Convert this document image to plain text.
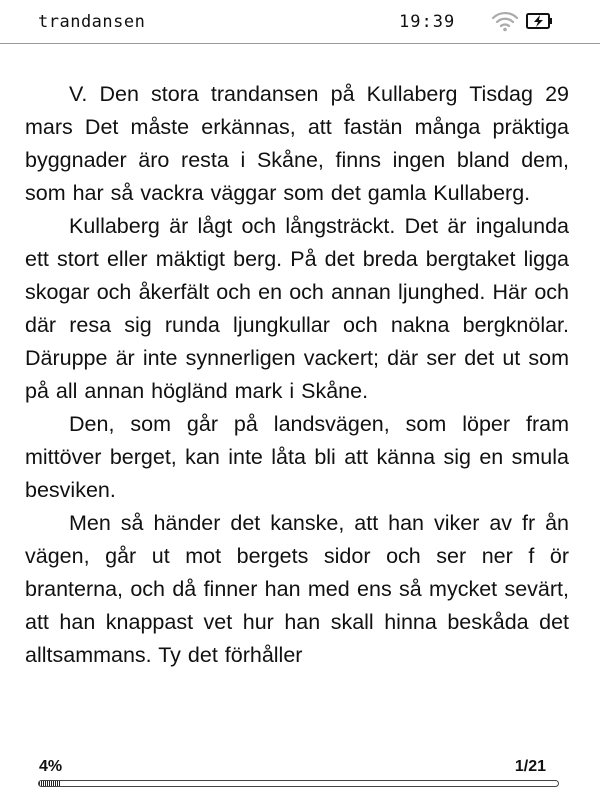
trandansen	19:39

V. Den stora trandansen på Kullaberg Tisdag 29 mars Det måste erkännas, att fastän många präktiga byggnader äro resta i Skåne, finns ingen bland dem, som har så vackra väggar som det gamla Kullaberg.

Kullaberg är lågt och långsträckt. Det är ingalunda ett stort eller mäktigt berg. På det breda bergtaket ligga skogar och åkerfält och en och annan ljunghed. Här och där resa sig runda ljungkullar och nakna bergknölar. Däruppe är inte synnerligen vackert; där ser det ut som på all annan högländ mark i Skåne.

Den, som går på landsvägen, som löper fram mittöver berget, kan inte låta bli att känna sig en smula besviken.

Men så händer det kanske, att han viker av fr ån vägen, går ut mot bergets sidor och ser ner f ör branterna, och då finner han med ens så mycket sevärt, att han knappast vet hur han skall hinna beskåda det alltsammans. Ty det förhåller

4%	1/21
